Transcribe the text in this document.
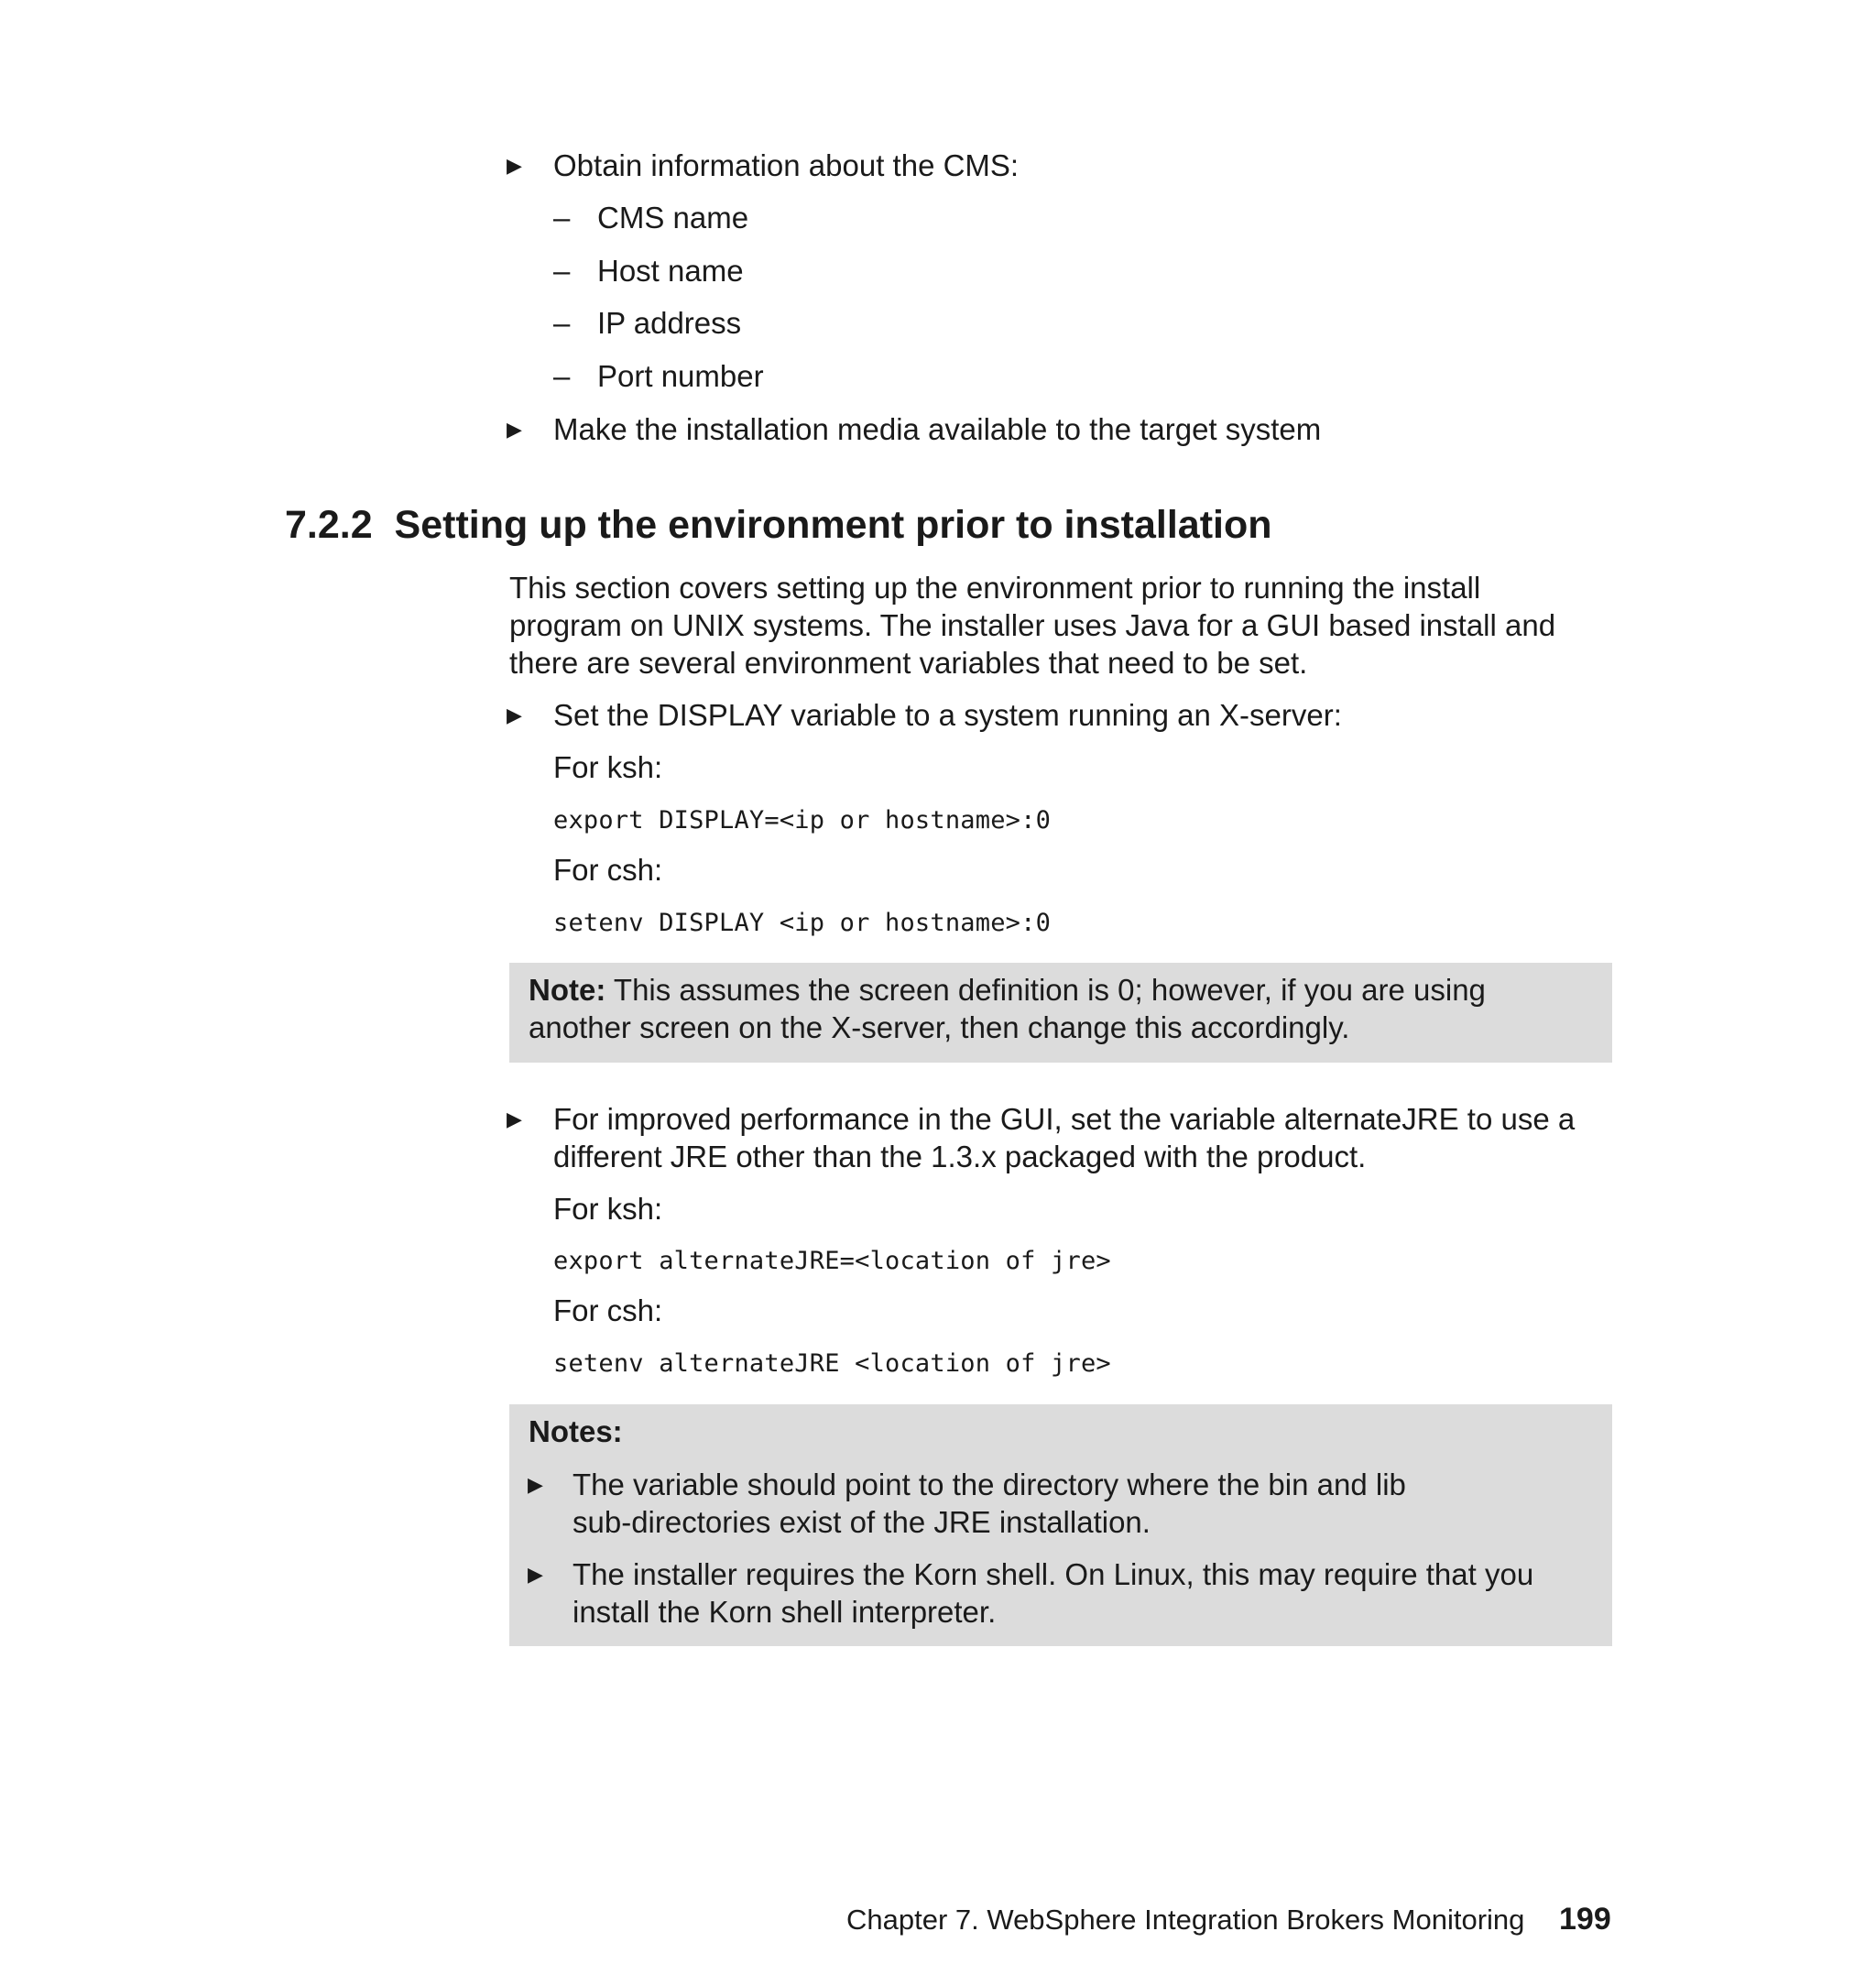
▶ Obtain information about the CMS:
– CMS name
– Host name
– IP address
– Port number
▶ Make the installation media available to the target system
7.2.2 Setting up the environment prior to installation
This section covers setting up the environment prior to running the install
program on UNIX systems. The installer uses Java for a GUI based install and
there are several environment variables that need to be set.
▶ Set the DISPLAY variable to a system running an X-server:
For ksh:
export DISPLAY=<ip or hostname>:0
For csh:
setenv DISPLAY <ip or hostname>:0
Note: This assumes the screen definition is 0; however, if you are using
another screen on the X-server, then change this accordingly.
▶ For improved performance in the GUI, set the variable alternateJRE to use a
different JRE other than the 1.3.x packaged with the product.
For ksh:
export alternateJRE=<location of jre>
For csh:
setenv alternateJRE <location of jre>
Notes:
▶ The variable should point to the directory where the bin and lib
sub-directories exist of the JRE installation.
▶ The installer requires the Korn shell. On Linux, this may require that you
install the Korn shell interpreter.
Chapter 7. WebSphere Integration Brokers Monitoring 199
